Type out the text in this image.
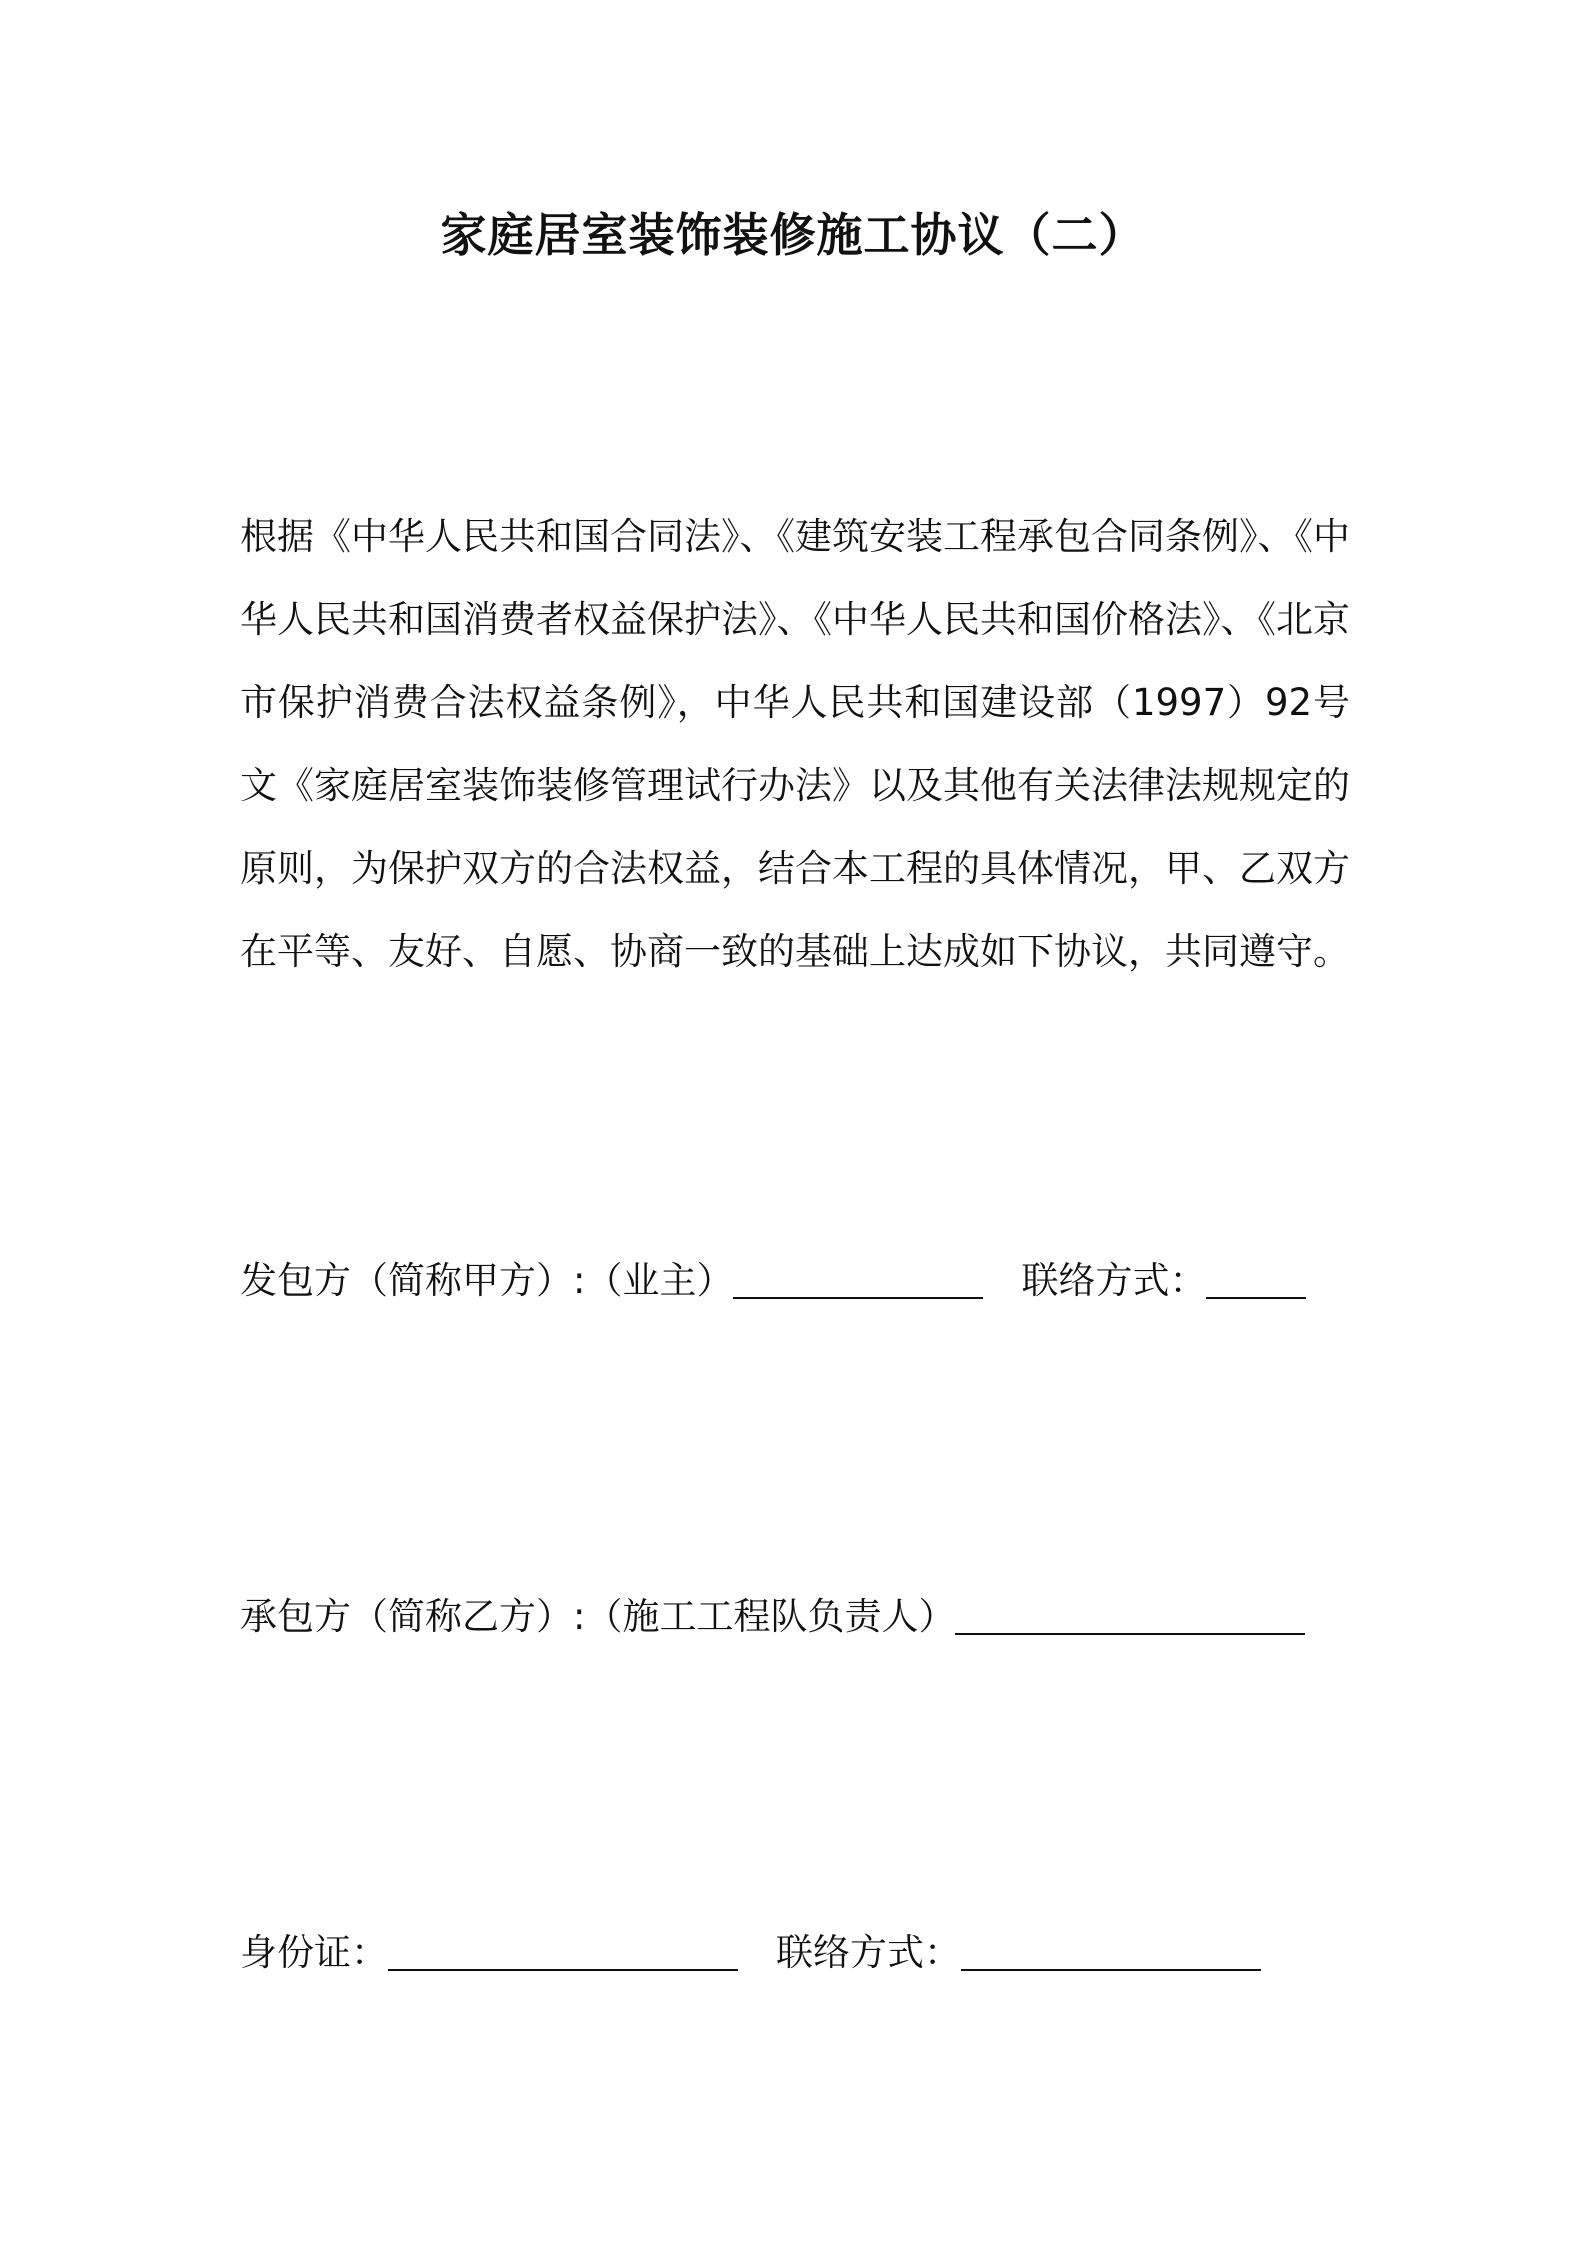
家庭居室装饰装修施工协议（二）
根据《中华人民共和国合同法》、《建筑安装工程承包合同条例》、《中华人民共和国消费者权益保护法》、《中华人民共和国价格法》、《北京市保护消费合法权益条例》，中华人民共和国建设部（1997）92号文《家庭居室装饰装修管理试行办法》以及其他有关法律法规规定的原则，为保护双方的合法权益，结合本工程的具体情况，甲、乙双方在平等、友好、自愿、协商一致的基础上达成如下协议，共同遵守。
发包方（简称甲方）:（业主）	联络方式：
承包方（简称乙方）:（施工工程队负责人）
身份证：	联络方式：
